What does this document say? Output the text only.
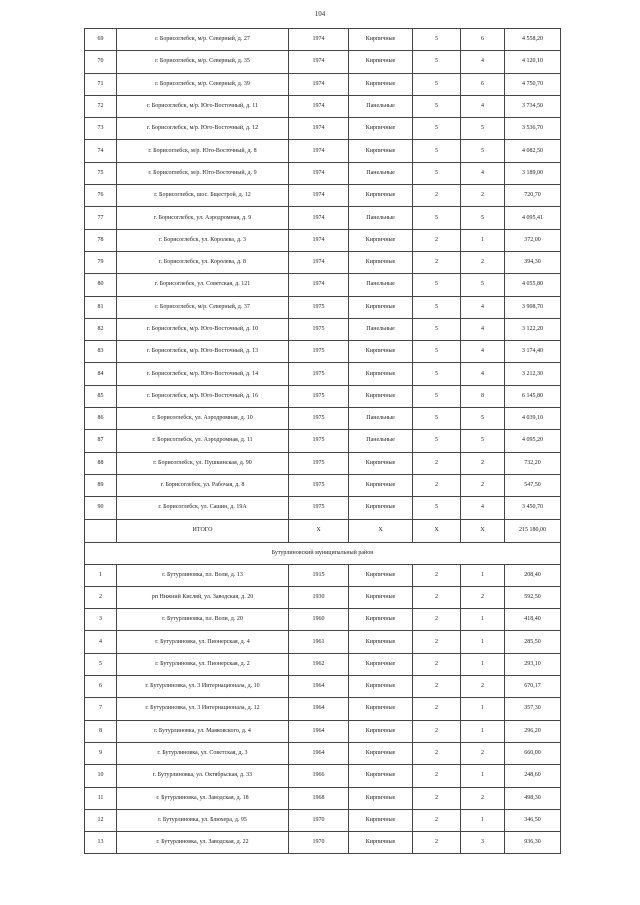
104
69	г. Борисоглебск, м/р. Северный, д. 27	1974	Кирпичные	5	6	4 558,20
70	г. Борисоглебск, м/р. Северный, д. 35	1974	Кирпичные	5	4	4 120,10
71	г. Борисоглебск, м/р. Северный, д. 39	1974	Кирпичные	5	6	4 750,70
72	г. Борисоглебск, м/р. Юго-Восточный, д. 11	1974	Панельные	5	4	3 734,50
73	г. Борисоглебск, м/р. Юго-Восточный, д. 12	1974	Кирпичные	5	5	3 536,70
74	г. Борисоглебск, м/р. Юго-Восточный, д. 8	1974	Кирпичные	5	5	4 082,50
75	г. Борисоглебск, м/р. Юго-Восточный, д. 9	1974	Панельные	5	4	3 189,00
76	г. Борисоглебск, шос. Бщестрой, д. 12	1974	Кирпичные	2	2	720,70
77	г. Борисоглебск, ул. Аэродромная, д. 9	1974	Панельные	5	5	4 095,41
78	г. Борисоглебск, ул. Королева, д. 3	1974	Кирпичные	2	1	372,00
79	г. Борисоглебск, ул. Королева, д. 8	1974	Кирпичные	2	2	394,30
80	г. Борисоглебск, ул. Советская, д. 121	1974	Панельные	5	5	4 055,80
81	г. Борисоглебск, м/р. Северный, д. 37	1975	Кирпичные	5	4	3 908,70
82	г. Борисоглебск, м/р. Юго-Восточный, д. 10	1975	Панельные	5	4	3 122,20
83	г. Борисоглебск, м/р. Юго-Восточный, д. 13	1975	Кирпичные	5	4	3 174,40
84	г. Борисоглебск, м/р. Юго-Восточный, д. 14	1975	Кирпичные	5	4	3 212,30
85	г. Борисоглебск, м/р. Юго-Восточный, д. 16	1975	Кирпичные	5	8	6 145,80
86	г. Борисоглебск, ул. Аэродромная, д. 10	1975	Панельные	5	5	4 039,10
87	г. Борисоглебск, ул. Аэродромная, д. 11	1975	Панельные	5	5	4 095,20
88	г. Борисоглебск, ул. Пушкинская, д. 90	1975	Кирпичные	2	2	732,20
89	г. Борисоглебск, ул. Рабочая, д. 8	1975	Кирпичные	2	2	547,50
90	г. Борисоглебск, ул. Сашин, д. 19А	1975	Кирпичные	5	4	3 450,70
	ИТОГО	X	X	X	X	215 180,00
Бутурлиновский муниципальный район						
1	г. Бутурлиновка, пл. Воли, д. 13	1915	Кирпичные	2	1	208,40
2	рп Нижний Кисляй, ул. Заводская, д. 20	1930	Кирпичные	2	2	592,50
3	г. Бутурлиновка, пл. Воли, д. 20	1960	Кирпичные	2	1	418,40
4	г. Бутурлиновка, ул. Пионерская, д. 4	1961	Кирпичные	2	1	285,50
5	г. Бутурлиновка, ул. Пионерская, д. 2	1962	Кирпичные	2	1	293,10
6	г. Бутурлиновка, ул. 3 Интернационала, д. 10	1964	Кирпичные	2	2	670,17
7	г. Бутурлиновка, ул. 3 Интернационала, д. 12	1964	Кирпичные	2	1	357,30
8	г. Бутурлиновка, ул. Маяковского, д. 4	1964	Кирпичные	2	1	296,20
9	г. Бутурлиновка, ул. Советская, д. 3	1964	Кирпичные	2	2	660,00
10	г. Бутурлиновка, ул. Октябрьская, д. 33	1966	Кирпичные	2	1	248,60
11	г. Бутурлиновка, ул. Заводская, д. 18	1968	Кирпичные	2	2	498,30
12	г. Бутурлиновка, ул. Блюхера, д. 95	1970	Кирпичные	2	1	346,50
13	г. Бутурлиновка, ул. Заводская, д. 22	1970	Кирпичные	2	3	936,30
